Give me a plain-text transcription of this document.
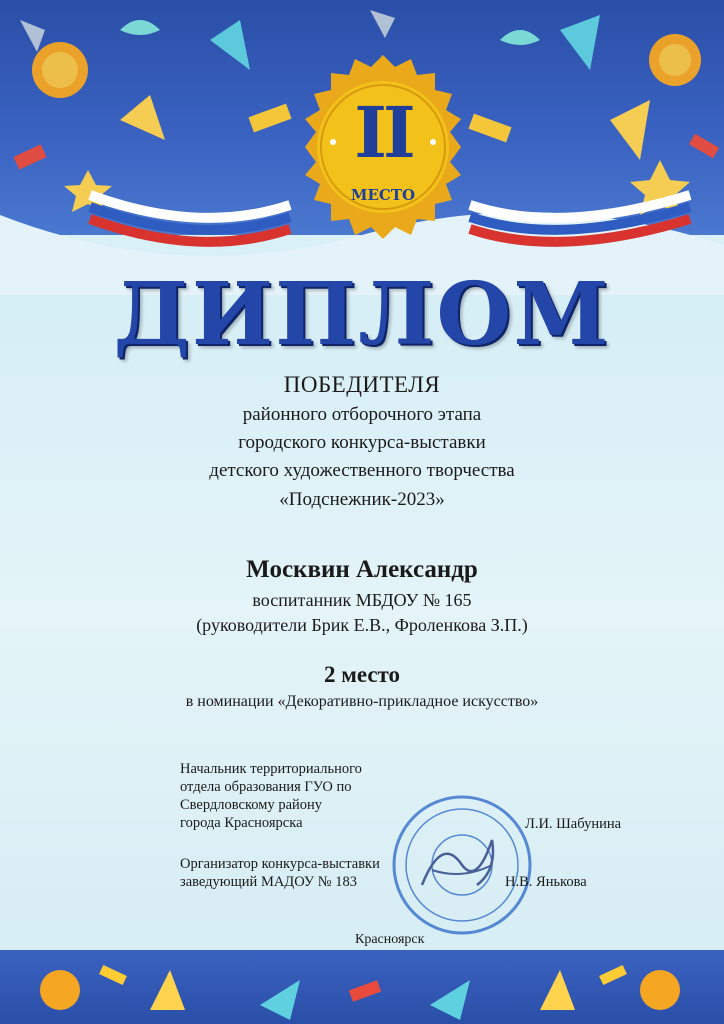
II
МЕСТО
ДИПЛОМ
ПОБЕДИТЕЛЯ
районного отборочного этапа
городского конкурса-выставки
детского художественного творчества
«Подснежник-2023»
Москвин Александр
воспитанник МБДОУ № 165
(руководители Брик Е.В., Фроленкова З.П.)
2 место
в номинации «Декоративно-прикладное искусство»
Начальник территориального
отдела образования ГУО по
Свердловскому району
города Красноярска	Л.И. Шабунина
Организатор конкурса-выставки
заведующий МАДОУ № 183	Н.В. Янькова
Красноярск
